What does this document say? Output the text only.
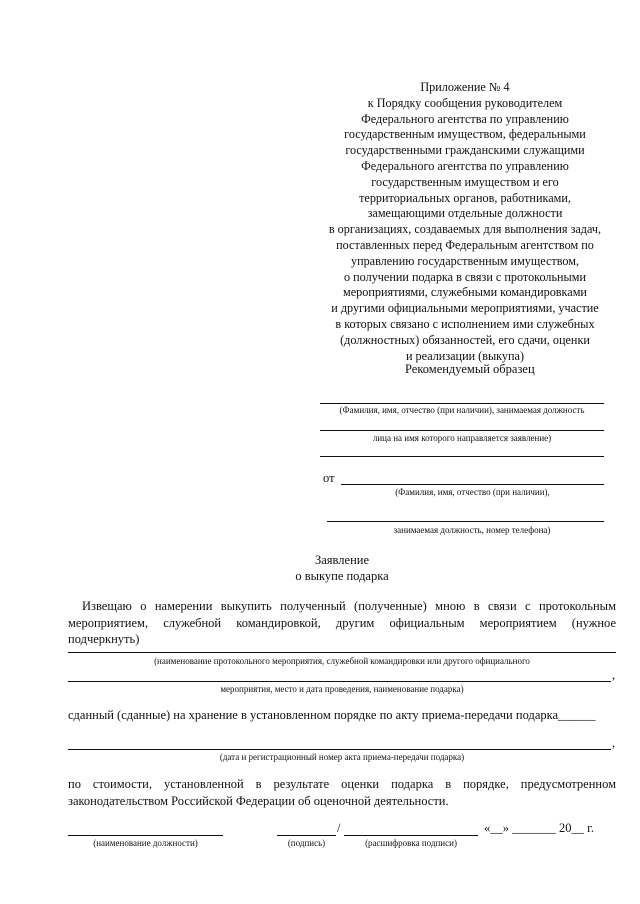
Приложение № 4
к Порядку сообщения руководителем
Федерального агентства по управлению
государственным имуществом, федеральными
государственными гражданскими служащими
Федерального агентства по управлению
государственным имуществом и его
территориальных органов, работниками,
замещающими отдельные должности
в организациях, создаваемых для выполнения задач,
поставленных перед Федеральным агентством по
управлению государственным имуществом,
о получении подарка в связи с протокольными
мероприятиями, служебными командировками
и другими официальными мероприятиями, участие
в которых связано с исполнением ими служебных
(должностных) обязанностей, его сдачи, оценки
и реализации (выкупа)
Рекомендуемый образец
(Фамилия, имя, отчество (при наличии), занимаемая должность
лица на имя которого направляется заявление)
от
(Фамилия, имя, отчество (при наличии),
занимаемая должность, номер телефона)
Заявление
о выкупе подарка
Извещаю о намерении выкупить полученный (полученные) мною в связи с протокольным мероприятием, служебной командировкой, другим официальным мероприятием (нужное подчеркнуть)
(наименование протокольного мероприятия, служебной командировки или другого официального
,
мероприятия, место и дата проведения, наименование подарка)
сданный (сданные) на хранение в установленном порядке по акту приема-передачи подарка______
,
(дата и регистрационный номер акта приема-передачи подарка)
по стоимости, установленной в результате оценки подарка в порядке, предусмотренном законодательством Российской Федерации об оценочной деятельности.
(наименование должности)
/
(подпись)	(расшифровка подписи)
«__» _______ 20__ г.
